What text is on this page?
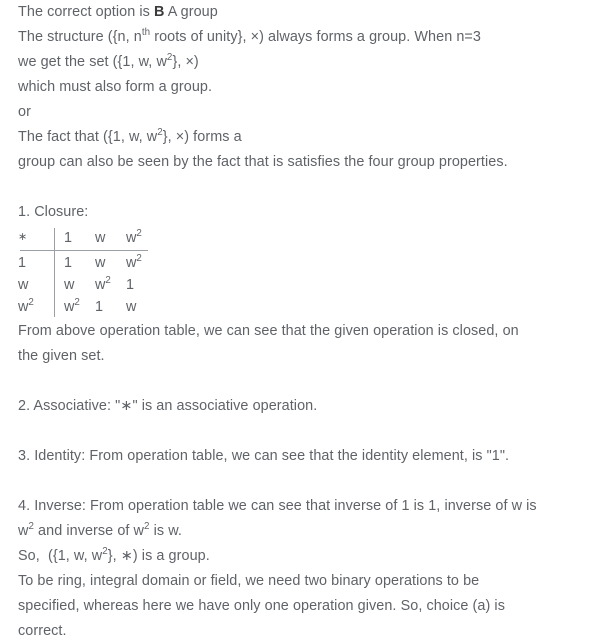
The correct option is B A group
The structure ({n, $n^{th}$ roots of unity}, ×) always forms a group. When n=3
we get the set ({1, w, $w^2$}, ×)
which must also form a group.
or
The fact that ({1, w, $w^2$}, ×) forms a
group can also be seen by the fact that is satisfies the four group properties.
1. Closure:
∗		1	w	$w^2$

1		1	w	$w^2$
w		w	$w^2$	1
$w^2$		$w^2$	1	w
From above operation table, we can see that the given operation is closed, on
the given set.
2. Associative: "∗" is an associative operation.
3. Identity: From operation table, we can see that the identity element, is "1".
4. Inverse: From operation table we can see that inverse of 1 is 1, inverse of w is
$w^2$ and inverse of $w^2$ is w.
So,  ({1, w, $w^2$}, ∗) is a group.
To be ring, integral domain or field, we need two binary operations to be
specified, whereas here we have only one operation given. So, choice (a) is
correct.
